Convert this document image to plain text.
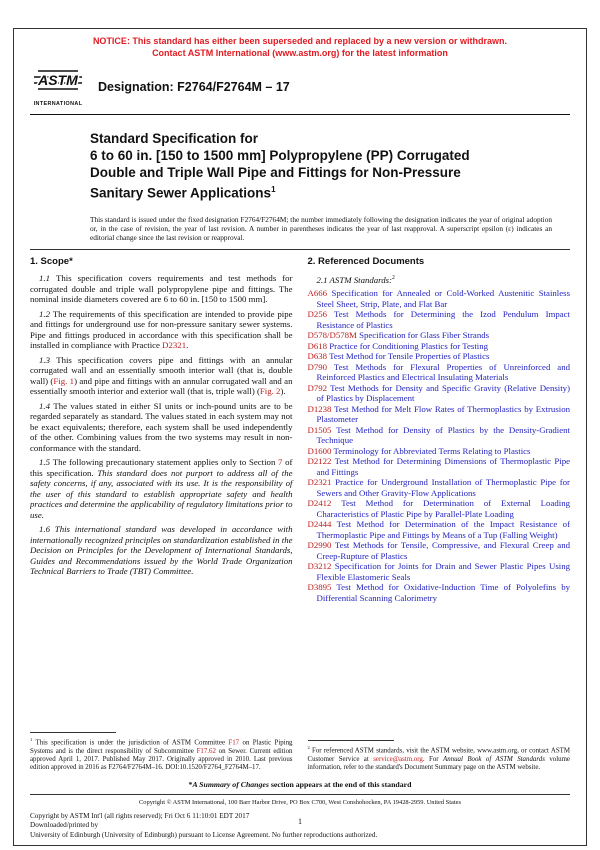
NOTICE: This standard has either been superseded and replaced by a new version or withdrawn.
Contact ASTM International (www.astm.org) for the latest information
ASTM
INTERNATIONAL
Designation: F2764/F2764M – 17
Standard Specification for
6 to 60 in. [150 to 1500 mm] Polypropylene (PP) Corrugated
Double and Triple Wall Pipe and Fittings for Non-Pressure
Sanitary Sewer Applications$^1$
This standard is issued under the fixed designation F2764/F2764M; the number immediately following the designation indicates the year of original adoption or, in the case of revision, the year of last revision. A number in parentheses indicates the year of last reapproval. A superscript epsilon (ε) indicates an editorial change since the last revision or reapproval.
1. Scope*

1.1 This specification covers requirements and test methods for corrugated double and triple wall polypropylene pipe and fittings. The nominal inside diameters covered are 6 to 60 in. [150 to 1500 mm].

1.2 The requirements of this specification are intended to provide pipe and fittings for underground use for non-pressure sanitary sewer systems. Pipe and fittings produced in accordance with this specification shall be installed in compliance with Practice D2321.

1.3 This specification covers pipe and fittings with an annular corrugated wall and an essentially smooth interior wall (that is, double wall) (Fig. 1) and pipe and fittings with an annular corrugated wall and an essentially smooth interior and exterior wall (that is, triple wall) (Fig. 2).

1.4 The values stated in either SI units or inch-pound units are to be regarded separately as standard. The values stated in each system may not be exact equivalents; therefore, each system shall be used independently of the other. Combining values from the two systems may result in non-conformance with the standard.

1.5 The following precautionary statement applies only to Section 7 of this specification. This standard does not purport to address all of the safety concerns, if any, associated with its use. It is the responsibility of the user of this standard to establish appropriate safety and health practices and determine the applicability of regulatory limitations prior to use.

1.6 This international standard was developed in accordance with internationally recognized principles on standardization established in the Decision on Principles for the Development of International Standards, Guides and Recommendations issued by the World Trade Organization Technical Barriers to Trade (TBT) Committee.

$^1$ This specification is under the jurisdiction of ASTM Committee F17 on Plastic Piping Systems and is the direct responsibility of Subcommittee F17.62 on Sewer. Current edition approved April 1, 2017. Published May 2017. Originally approved in 2010. Last previous edition approved in 2016 as F2764/F2764M–16. DOI:10.1520/F2764_F2764M–17.
2. Referenced Documents
2.1 ASTM Standards:$^2$

A666 Specification for Annealed or Cold-Worked Austenitic Stainless Steel Sheet, Strip, Plate, and Flat Bar

D256 Test Methods for Determining the Izod Pendulum Impact Resistance of Plastics

D578/D578M Specification for Glass Fiber Strands

D618 Practice for Conditioning Plastics for Testing

D638 Test Method for Tensile Properties of Plastics

D790 Test Methods for Flexural Properties of Unreinforced and Reinforced Plastics and Electrical Insulating Materials

D792 Test Methods for Density and Specific Gravity (Relative Density) of Plastics by Displacement

D1238 Test Method for Melt Flow Rates of Thermoplastics by Extrusion Plastometer

D1505 Test Method for Density of Plastics by the Density-Gradient Technique

D1600 Terminology for Abbreviated Terms Relating to Plastics

D2122 Test Method for Determining Dimensions of Thermoplastic Pipe and Fittings

D2321 Practice for Underground Installation of Thermoplastic Pipe for Sewers and Other Gravity-Flow Applications

D2412 Test Method for Determination of External Loading Characteristics of Plastic Pipe by Parallel-Plate Loading

D2444 Test Method for Determination of the Impact Resistance of Thermoplastic Pipe and Fittings by Means of a Tup (Falling Weight)

D2990 Test Methods for Tensile, Compressive, and Flexural Creep and Creep-Rupture of Plastics

D3212 Specification for Joints for Drain and Sewer Plastic Pipes Using Flexible Elastomeric Seals

D3895 Test Method for Oxidative-Induction Time of Polyolefins by Differential Scanning Calorimetry

$^2$ For referenced ASTM standards, visit the ASTM website, www.astm.org, or contact ASTM Customer Service at service@astm.org. For Annual Book of ASTM Standards volume information, refer to the standard's Document Summary page on the ASTM website.
*A Summary of Changes section appears at the end of this standard
Copyright © ASTM International, 100 Barr Harbor Drive, PO Box C700, West Conshohocken, PA 19428-2959. United States
Copyright by ASTM Int'l (all rights reserved); Fri Oct 6 11:10:01 EDT 2017
1
Downloaded/printed by
University of Edinburgh (University of Edinburgh) pursuant to License Agreement. No further reproductions authorized.
